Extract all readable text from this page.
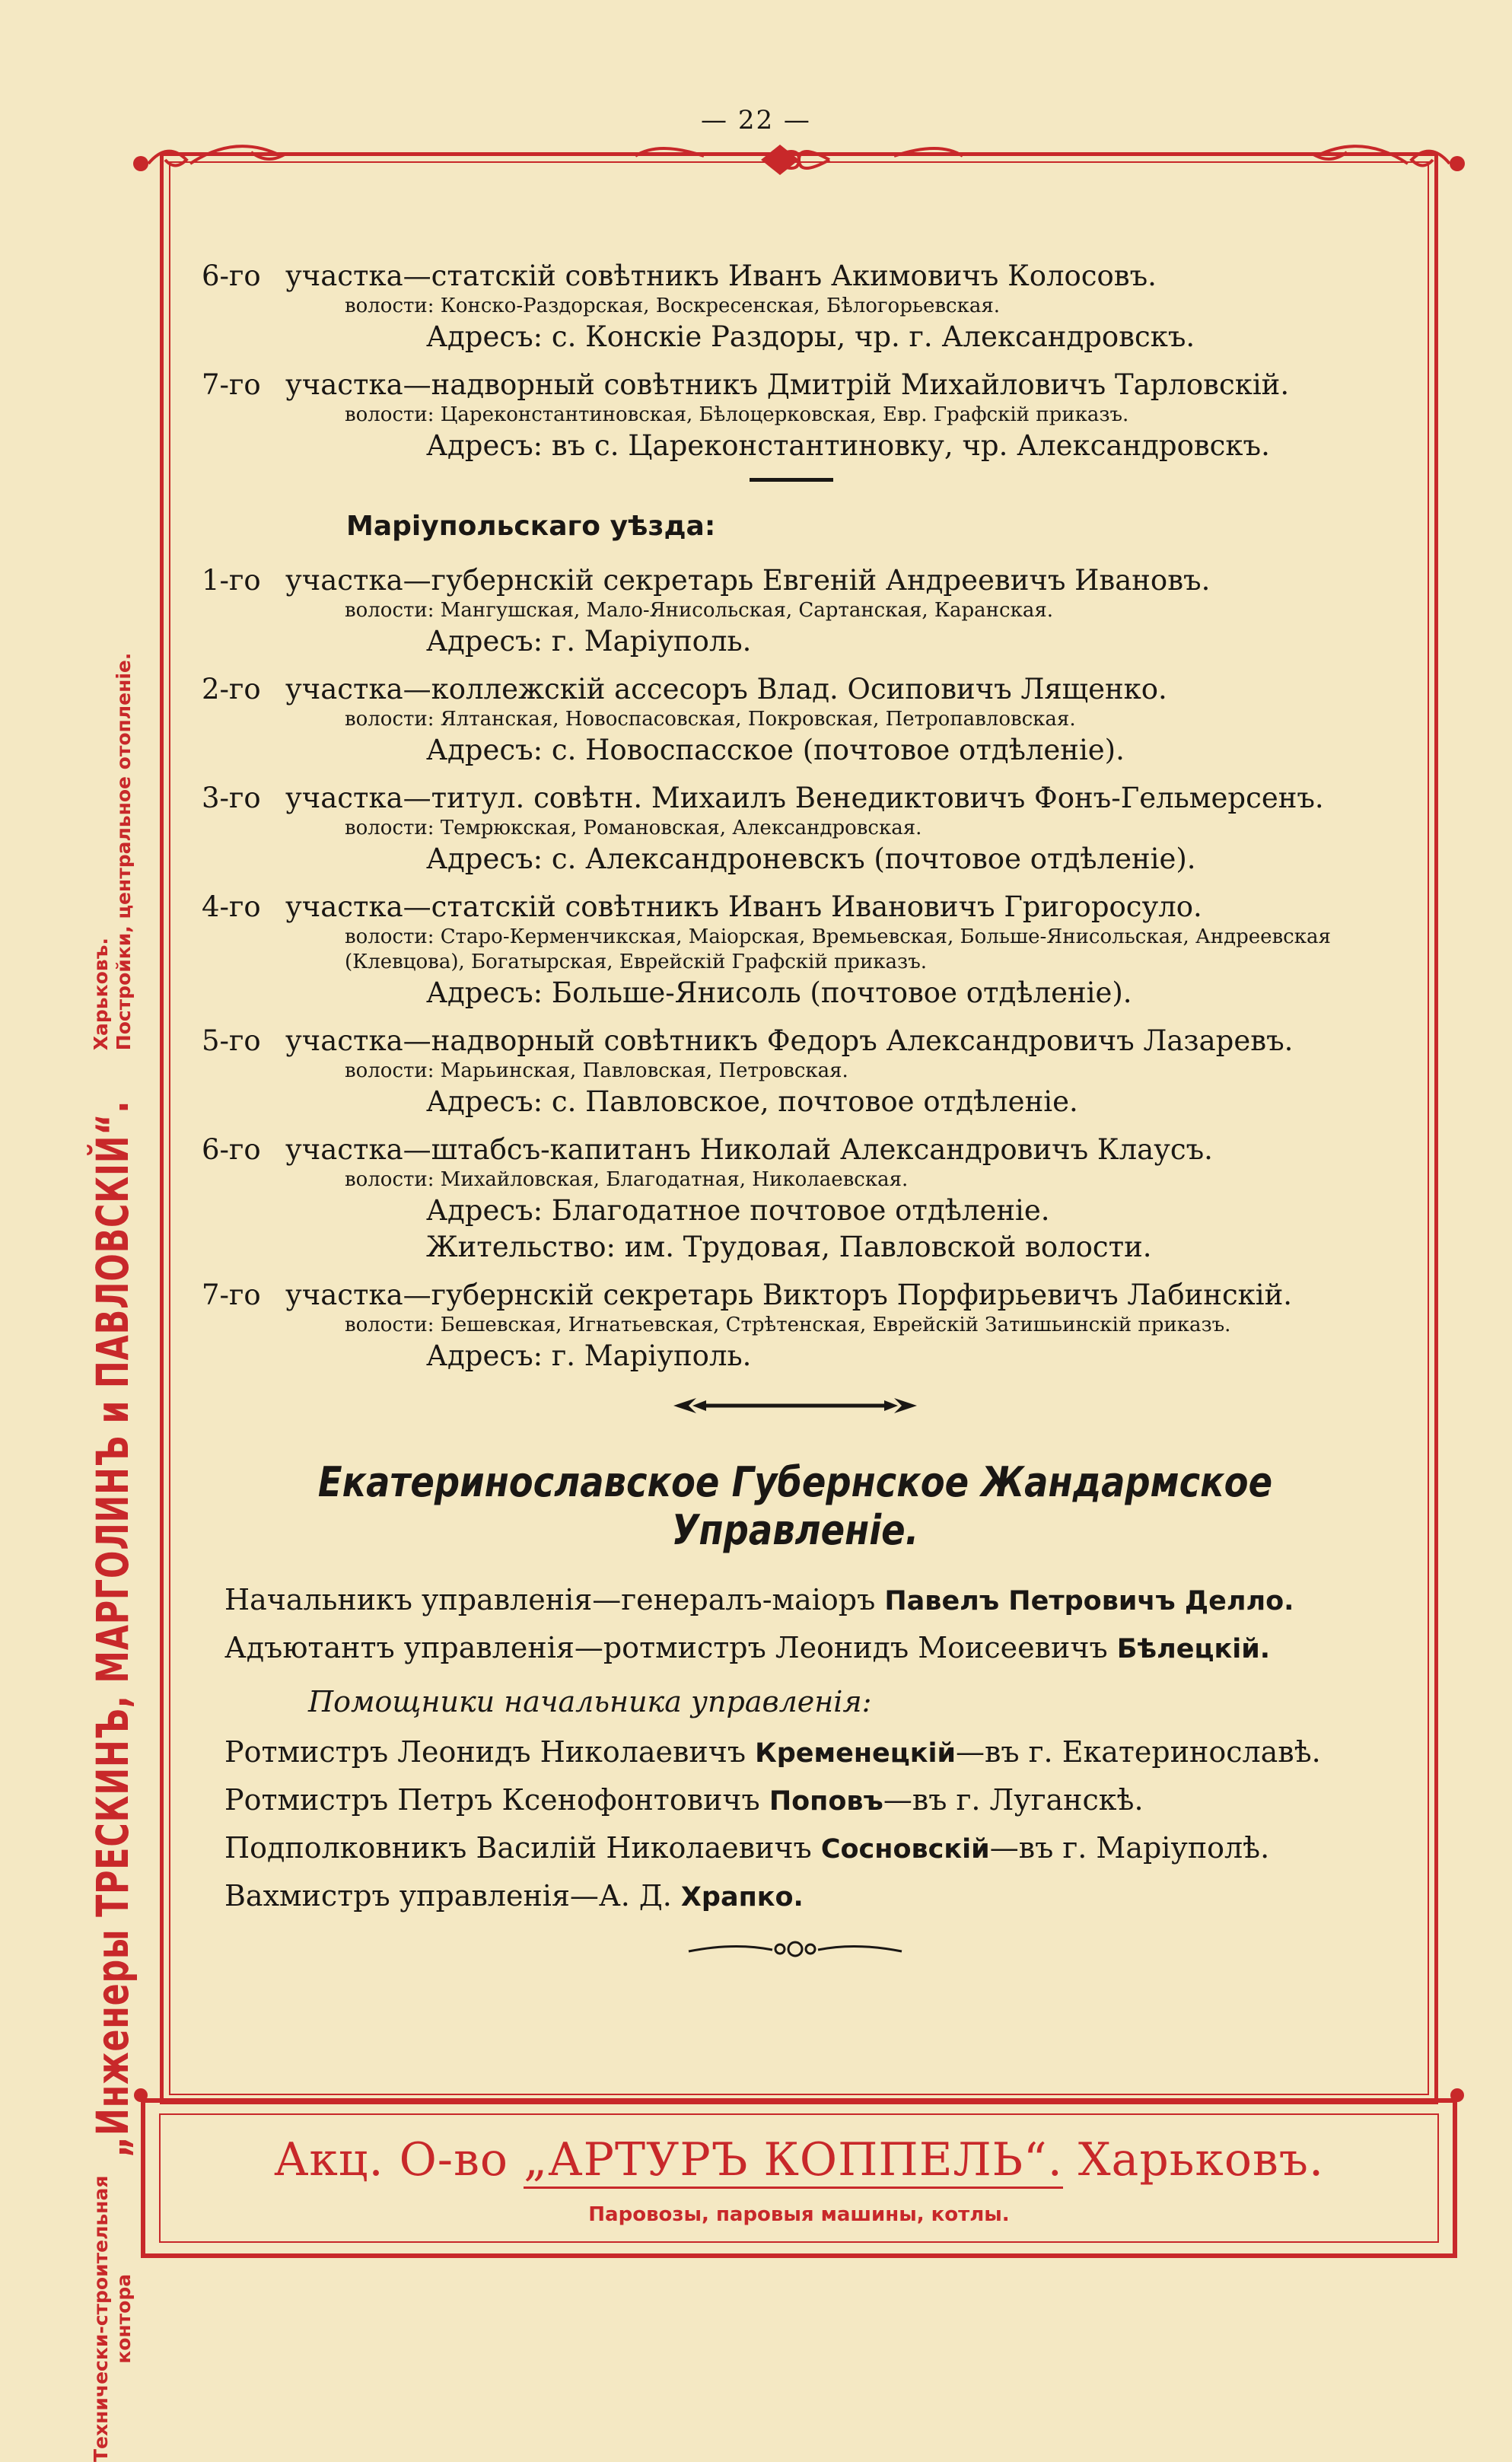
— 22 —
Технически-строительная
контора
„Инженеры ТРЕСКИНЪ, МАРГОЛИНЪ и ПАВЛОВСКIЙ“.
Харьковъ.
Постройки, центральное отопленіе.
6-го участка—статскій совѣтникъ Иванъ Акимовичъ Колосовъ.
волости: Конско-Раздорская, Воскресенская, Бѣлогорьевская.
Адресъ: с. Конскіе Раздоры, чр. г. Александровскъ.
7-го участка—надворный совѣтникъ Дмитрій Михайловичъ Тарловскій.
волости: Цареконстантиновская, Бѣлоцерковская, Евр. Графскій приказъ.
Адресъ: въ с. Цареконстантиновку, чр. Александровскъ.
Маріупольскаго уѣзда:
1-го участка—губернскій секретарь Евгеній Андреевичъ Ивановъ.
волости: Мангушская, Мало-Янисольская, Сартанская, Каранская.
Адресъ: г. Маріуполь.
2-го участка—коллежскій ассесоръ Влад. Осиповичъ Лященко.
волости: Ялтанская, Новоспасовская, Покровская, Петропавловская.
Адресъ: с. Новоспасское (почтовое отдѣленіе).
3-го участка—титул. совѣтн. Михаилъ Венедиктовичъ Фонъ-Гельмерсенъ.
волости: Темрюкская, Романовская, Александровская.
Адресъ: с. Александроневскъ (почтовое отдѣленіе).
4-го участка—статскій совѣтникъ Иванъ Ивановичъ Григоросуло.
волости: Старо-Керменчикская, Маіорская, Времьевская, Больше-Янисольская, Андреевская (Клевцова), Богатырская, Еврейскій Графскій приказъ.
Адресъ: Больше-Янисоль (почтовое отдѣленіе).
5-го участка—надворный совѣтникъ Федоръ Александровичъ Лазаревъ.
волости: Марьинская, Павловская, Петровская.
Адресъ: с. Павловское, почтовое отдѣленіе.
6-го участка—штабсъ-капитанъ Николай Александровичъ Клаусъ.
волости: Михайловская, Благодатная, Николаевская.
Адресъ: Благодатное почтовое отдѣленіе.
Жительство: им. Трудовая, Павловской волости.
7-го участка—губернскій секретарь Викторъ Порфирьевичъ Лабинскій.
волости: Бешевская, Игнатьевская, Стрѣтенская, Еврейскій Затишьинскій приказъ.
Адресъ: г. Маріуполь.
Екатеринославское Губернское Жандармское Управленіе.
Начальникъ управленія—генералъ-маіоръ Павелъ Петровичъ Делло.
Адъютантъ управленія—ротмистръ Леонидъ Моисеевичъ Бѣлецкій.
Помощники начальника управленія:
Ротмистръ Леонидъ Николаевичъ Кременецкій—въ г. Екатеринославѣ.
Ротмистръ Петръ Ксенофонтовичъ Поповъ—въ г. Луганскѣ.
Подполковникъ Василій Николаевичъ Сосновскій—въ г. Маріуполѣ.
Вахмистръ управленія—А. Д. Храпко.
Акц. О-во „АРТУРЪ КОППЕЛЬ“. Харьковъ.
Паровозы, паровыя машины, котлы.
